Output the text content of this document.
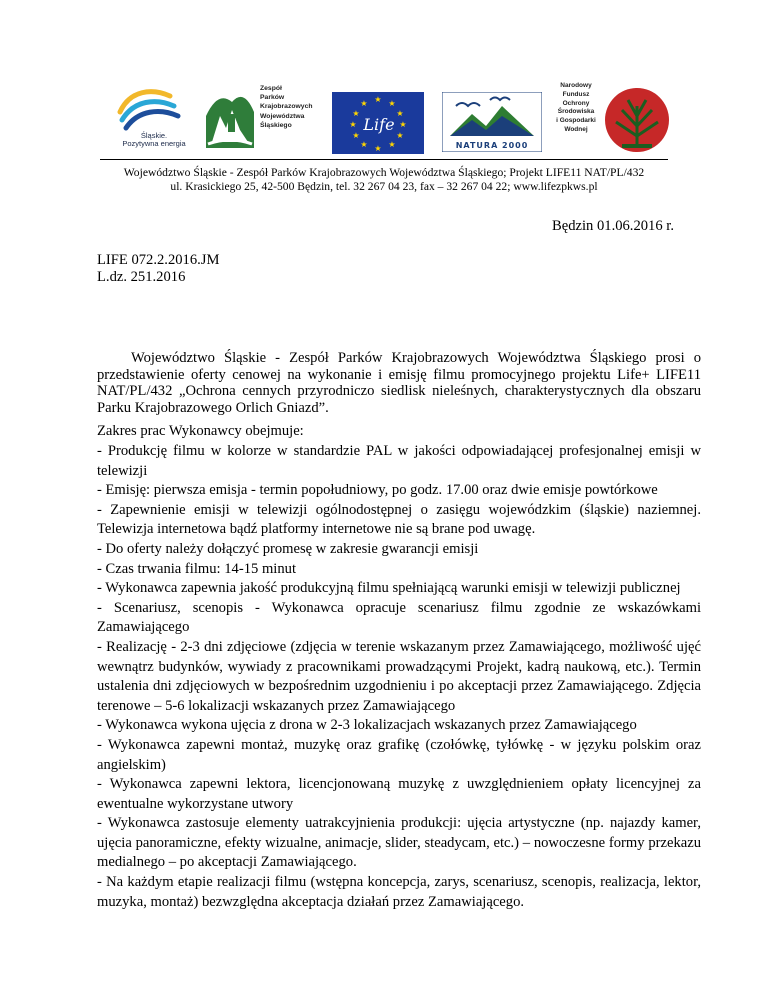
Śląskie.
Pozytywna energia
Zespół
Parków
Krajobrazowych
Województwa
Śląskiego
★ ★
★
★
★
★
★
★
★
★
★
★
Life
NATURA 2000
Narodowy
Fundusz
Ochrony
Środowiska
i Gospodarki
Wodnej
Województwo Śląskie - Zespół Parków Krajobrazowych Województwa Śląskiego; Projekt LIFE11 NAT/PL/432
ul. Krasickiego 25, 42-500 Będzin, tel. 32 267 04 23, fax – 32 267 04 22; www.lifezpkws.pl
Będzin 01.06.2016 r.
LIFE 072.2.2016.JM
L.dz. 251.2016

Województwo Śląskie - Zespół Parków Krajobrazowych Województwa Śląskiego prosi o przedstawienie oferty cenowej na wykonanie i emisję filmu promocyjnego projektu Life+ LIFE11 NAT/PL/432 „Ochrona cennych przyrodniczo siedlisk nieleśnych, charakterystycznych dla obszaru Parku Krajobrazowego Orlich Gniazd”.

Zakres prac Wykonawcy obejmuje:
- Produkcję filmu w kolorze w standardzie PAL w jakości odpowiadającej profesjonalnej emisji w telewizji
- Emisję: pierwsza emisja - termin popołudniowy, po godz. 17.00 oraz dwie emisje powtórkowe
- Zapewnienie emisji w telewizji ogólnodostępnej o zasięgu wojewódzkim (śląskie) naziemnej. Telewizja internetowa bądź platformy internetowe nie są brane pod uwagę.
- Do oferty należy dołączyć promesę w zakresie gwarancji emisji
- Czas trwania filmu: 14-15 minut
- Wykonawca zapewnia jakość produkcyjną filmu spełniającą warunki emisji w telewizji publicznej
- Scenariusz, scenopis - Wykonawca opracuje scenariusz filmu zgodnie ze wskazówkami Zamawiającego
- Realizację - 2-3 dni zdjęciowe (zdjęcia w terenie wskazanym przez Zamawiającego, możliwość ujęć wewnątrz budynków, wywiady z pracownikami prowadzącymi Projekt, kadrą naukową, etc.). Termin ustalenia dni zdjęciowych w bezpośrednim uzgodnieniu i po akceptacji przez Zamawiającego. Zdjęcia terenowe – 5-6 lokalizacji wskazanych przez Zamawiającego
- Wykonawca wykona ujęcia z drona w 2-3 lokalizacjach wskazanych przez Zamawiającego
- Wykonawca zapewni montaż, muzykę oraz grafikę (czołówkę, tyłówkę - w języku polskim oraz angielskim)
- Wykonawca zapewni lektora, licencjonowaną muzykę z uwzględnieniem opłaty licencyjnej za ewentualne wykorzystane utwory
- Wykonawca zastosuje elementy uatrakcyjnienia produkcji: ujęcia artystyczne (np. najazdy kamer, ujęcia panoramiczne, efekty wizualne, animacje, slider, steadycam, etc.) – nowoczesne formy przekazu medialnego – po akceptacji Zamawiającego.
- Na każdym etapie realizacji filmu (wstępna koncepcja, zarys, scenariusz, scenopis, realizacja, lektor, muzyka, montaż) bezwzględna akceptacja działań przez Zamawiającego.
